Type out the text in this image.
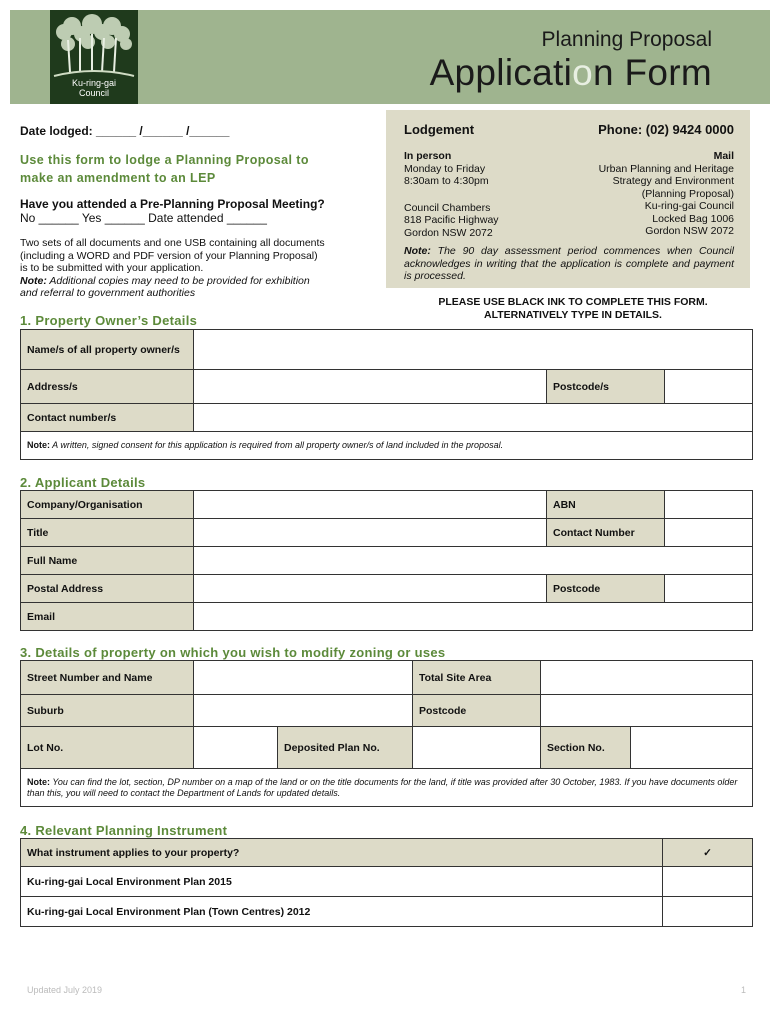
Ku-ring-gai
Council
Planning Proposal
Application Form
Date lodged: ______ /______ /______
Use this form to lodge a Planning Proposal to
make an amendment to an LEP
Have you attended a Pre-Planning Proposal Meeting?
No ______ Yes ______ Date attended ______
Two sets of all documents and one USB containing all documents
(including a WORD and PDF version of your Planning Proposal)
is to be submitted with your application.
Note: Additional copies may need to be provided for exhibition
and referral to government authorities
Lodgement	Phone: (02) 9424 0000
In person
Monday to Friday
8:30am to 4:30pm
Council Chambers
818 Pacific Highway
Gordon NSW 2072
Mail
Urban Planning and Heritage
Strategy and Environment
(Planning Proposal)
Ku-ring-gai Council
Locked Bag 1006
Gordon NSW 2072
Note: The 90 day assessment period commences when Council acknowledges in writing that the application is complete and payment is processed.
PLEASE USE BLACK INK TO COMPLETE THIS FORM.
ALTERNATIVELY TYPE IN DETAILS.
1. Property Owner’s Details
Name/s of all property owner/s			
Address/s		Postcode/s	
Contact number/s			
Note: A written, signed consent for this application is required from all property owner/s of land included in the proposal.			
2. Applicant Details
Company/Organisation		ABN	
Title		Contact Number	
Full Name			
Postal Address		Postcode	
Email			
3. Details of property on which you wish to modify zoning or uses
Street Number and Name			Total Site Area		
Suburb			Postcode		
Lot No.		Deposited Plan No.		Section No.	
Note: You can find the lot, section, DP number on a map of the land or on the title documents for the land, if title was provided after 30 October, 1983. If you have documents older than this, you will need to contact the Department of Lands for updated details.					
4. Relevant Planning Instrument
What instrument applies to your property?	✓
Ku-ring-gai Local Environment Plan 2015	
Ku-ring-gai Local Environment Plan (Town Centres) 2012	
Updated July 2019	1
